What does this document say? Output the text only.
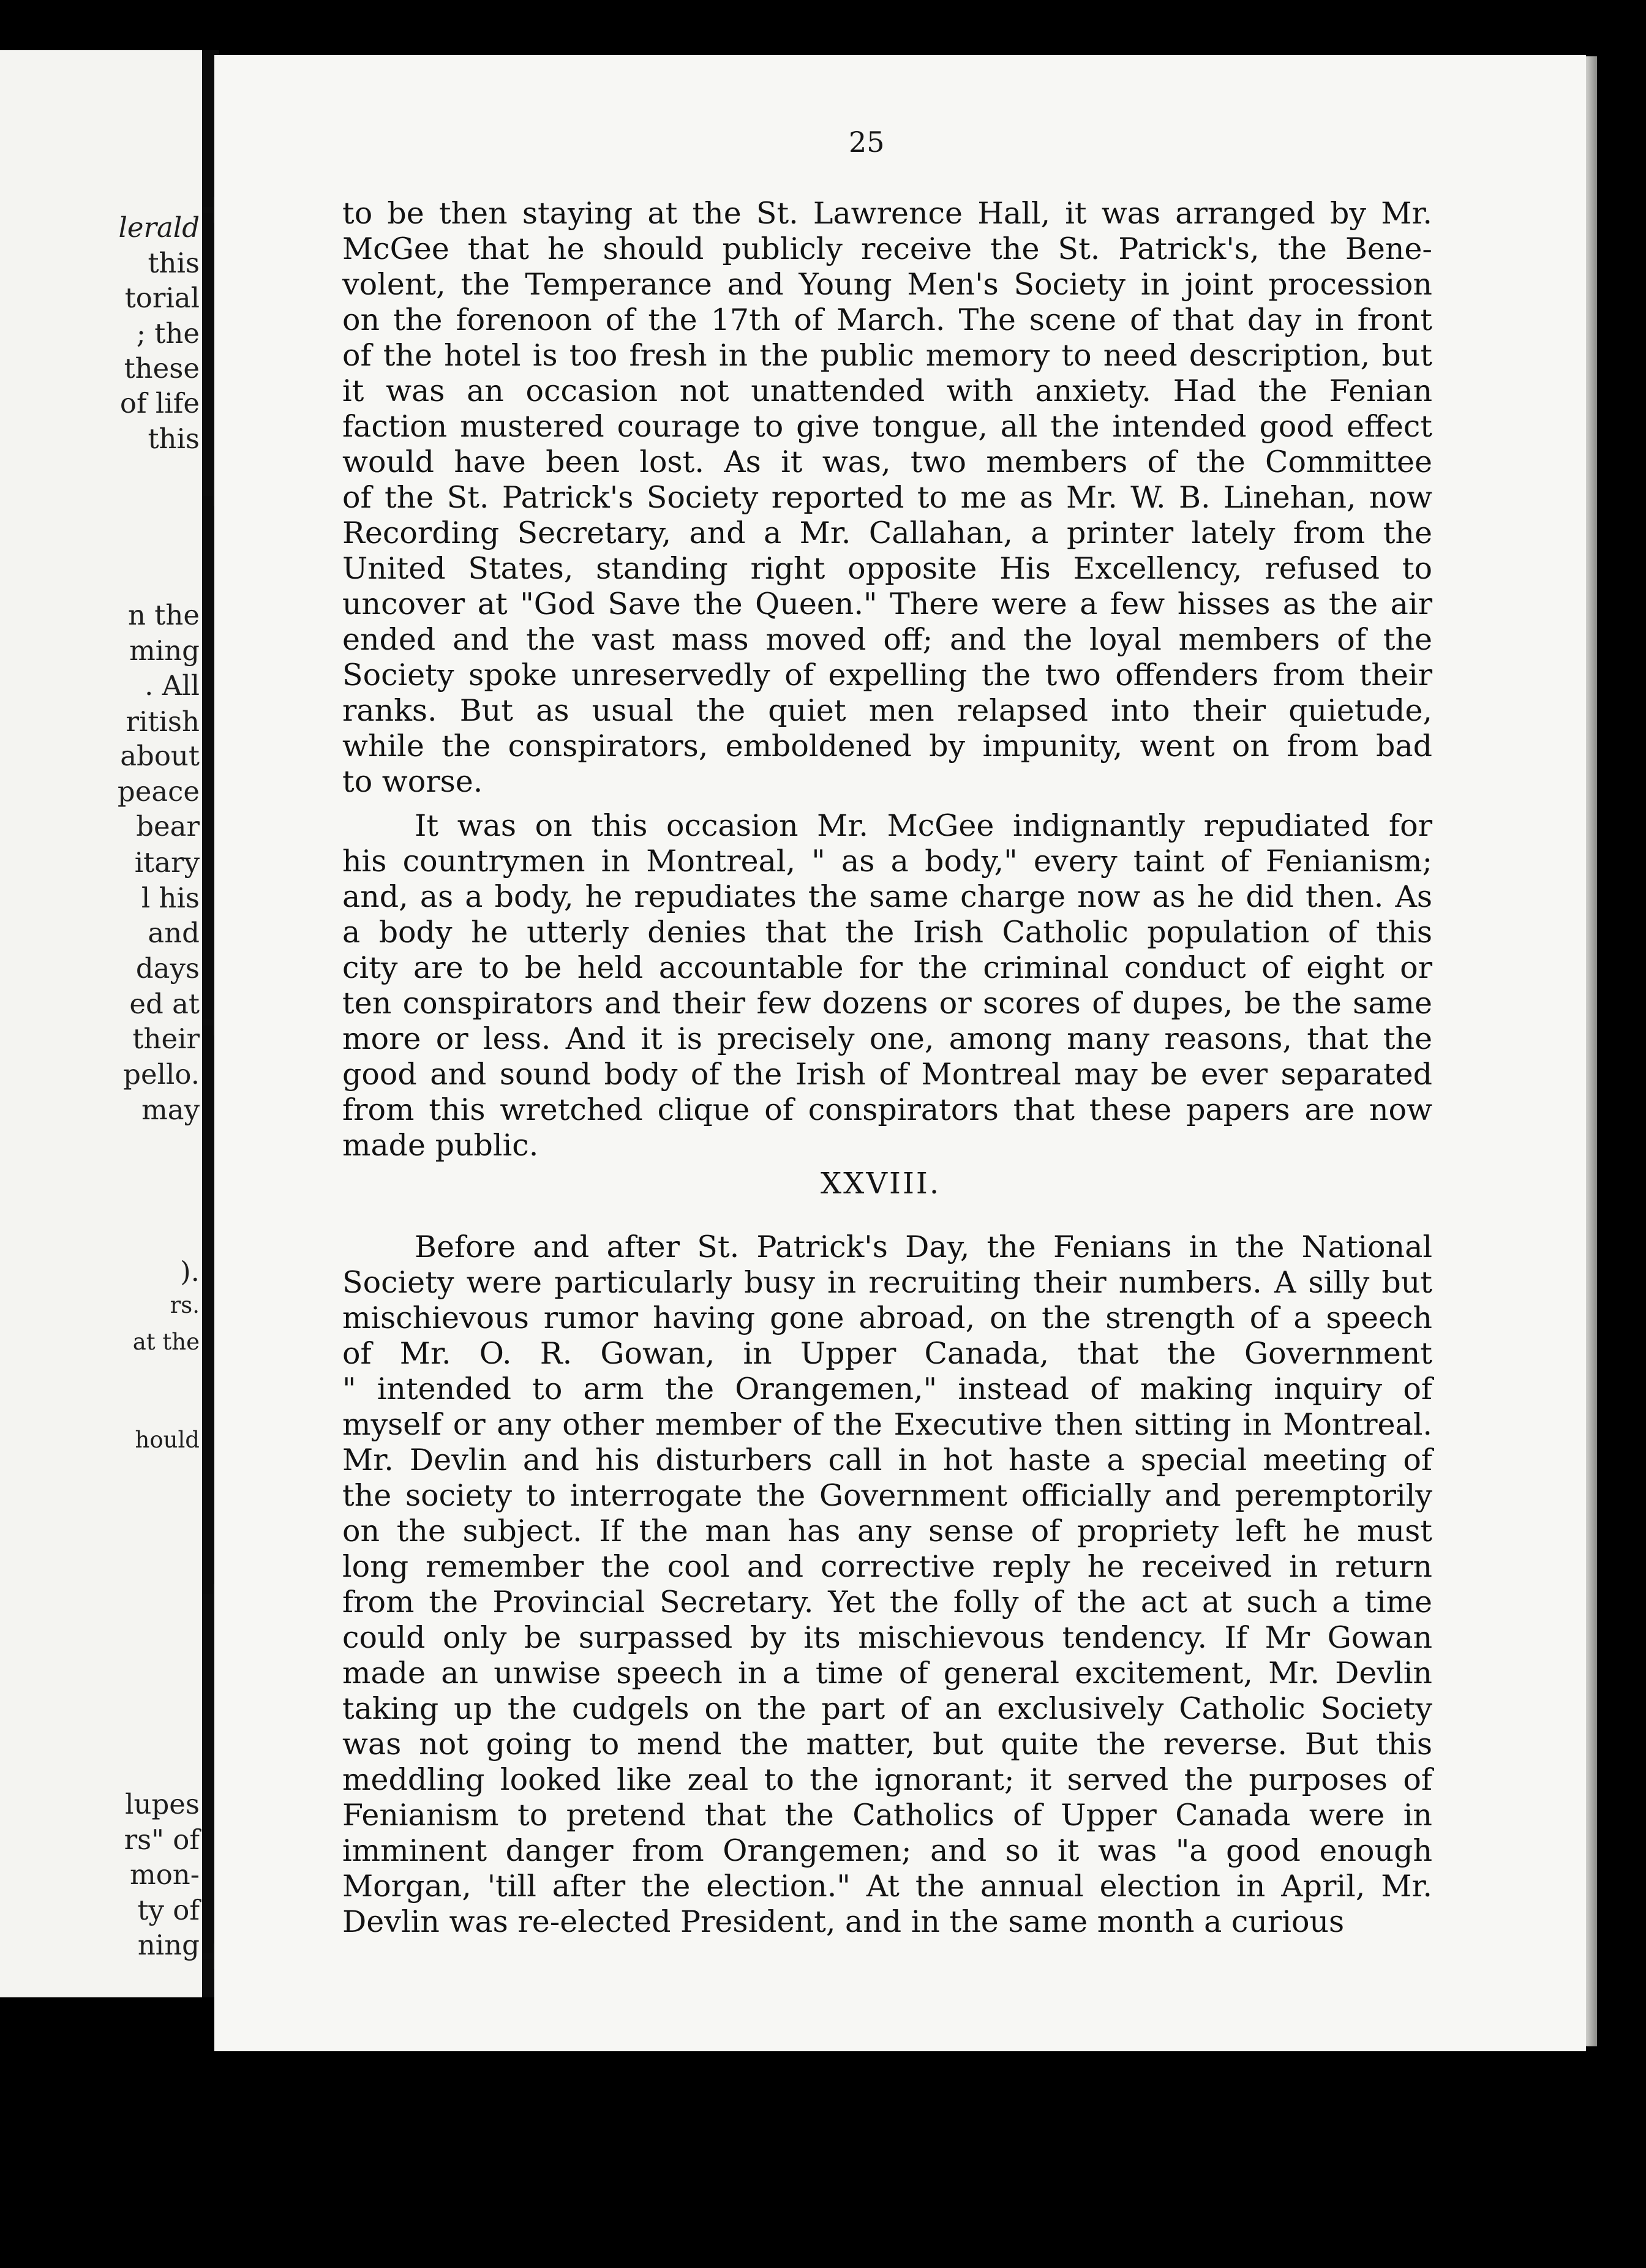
lerald
this
torial
; the
these
of life
this
n the
ming
. All
ritish
about
peace
bear
itary
l his
and
days
ed at
their
pello.
may
).
rs.
at the
hould
lupes
rs" of
mon-
ty of
ning
25
to be then staying at the St. Lawrence Hall, it was arranged by Mr.
McGee that he should publicly receive the St. Patrick's, the Bene-
volent, the Temperance and Young Men's Society in joint procession
on the forenoon of the 17th of March. The scene of that day in front
of the hotel is too fresh in the public memory to need description, but
it was an occasion not unattended with anxiety. Had the Fenian
faction mustered courage to give tongue, all the intended good effect
would have been lost. As it was, two members of the Committee
of the St. Patrick's Society reported to me as Mr. W. B. Linehan, now
Recording Secretary, and a Mr. Callahan, a printer lately from the
United States, standing right opposite His Excellency, refused to
uncover at "God Save the Queen." There were a few hisses as the air
ended and the vast mass moved off; and the loyal members of the
Society spoke unreservedly of expelling the two offenders from their
ranks. But as usual the quiet men relapsed into their quietude,
while the conspirators, emboldened by impunity, went on from bad
to worse.
It was on this occasion Mr. McGee indignantly repudiated for
his countrymen in Montreal, " as a body," every taint of Fenianism;
and, as a body, he repudiates the same charge now as he did then. As
a body he utterly denies that the Irish Catholic population of this
city are to be held accountable for the criminal conduct of eight or
ten conspirators and their few dozens or scores of dupes, be the same
more or less. And it is precisely one, among many reasons, that the
good and sound body of the Irish of Montreal may be ever separated
from this wretched clique of conspirators that these papers are now
made public.
XXVIII.
Before and after St. Patrick's Day, the Fenians in the National
Society were particularly busy in recruiting their numbers. A silly but
mischievous rumor having gone abroad, on the strength of a speech
of Mr. O. R. Gowan, in Upper Canada, that the Government
" intended to arm the Orangemen," instead of making inquiry of
myself or any other member of the Executive then sitting in Montreal.
Mr. Devlin and his disturbers call in hot haste a special meeting of
the society to interrogate the Government officially and peremptorily
on the subject. If the man has any sense of propriety left he must
long remember the cool and corrective reply he received in return
from the Provincial Secretary. Yet the folly of the act at such a time
could only be surpassed by its mischievous tendency. If Mr Gowan
made an unwise speech in a time of general excitement, Mr. Devlin
taking up the cudgels on the part of an exclusively Catholic Society
was not going to mend the matter, but quite the reverse. But this
meddling looked like zeal to the ignorant; it served the purposes of
Fenianism to pretend that the Catholics of Upper Canada were in
imminent danger from Orangemen; and so it was "a good enough
Morgan, 'till after the election." At the annual election in April, Mr.
Devlin was re-elected President, and in the same month a curious
